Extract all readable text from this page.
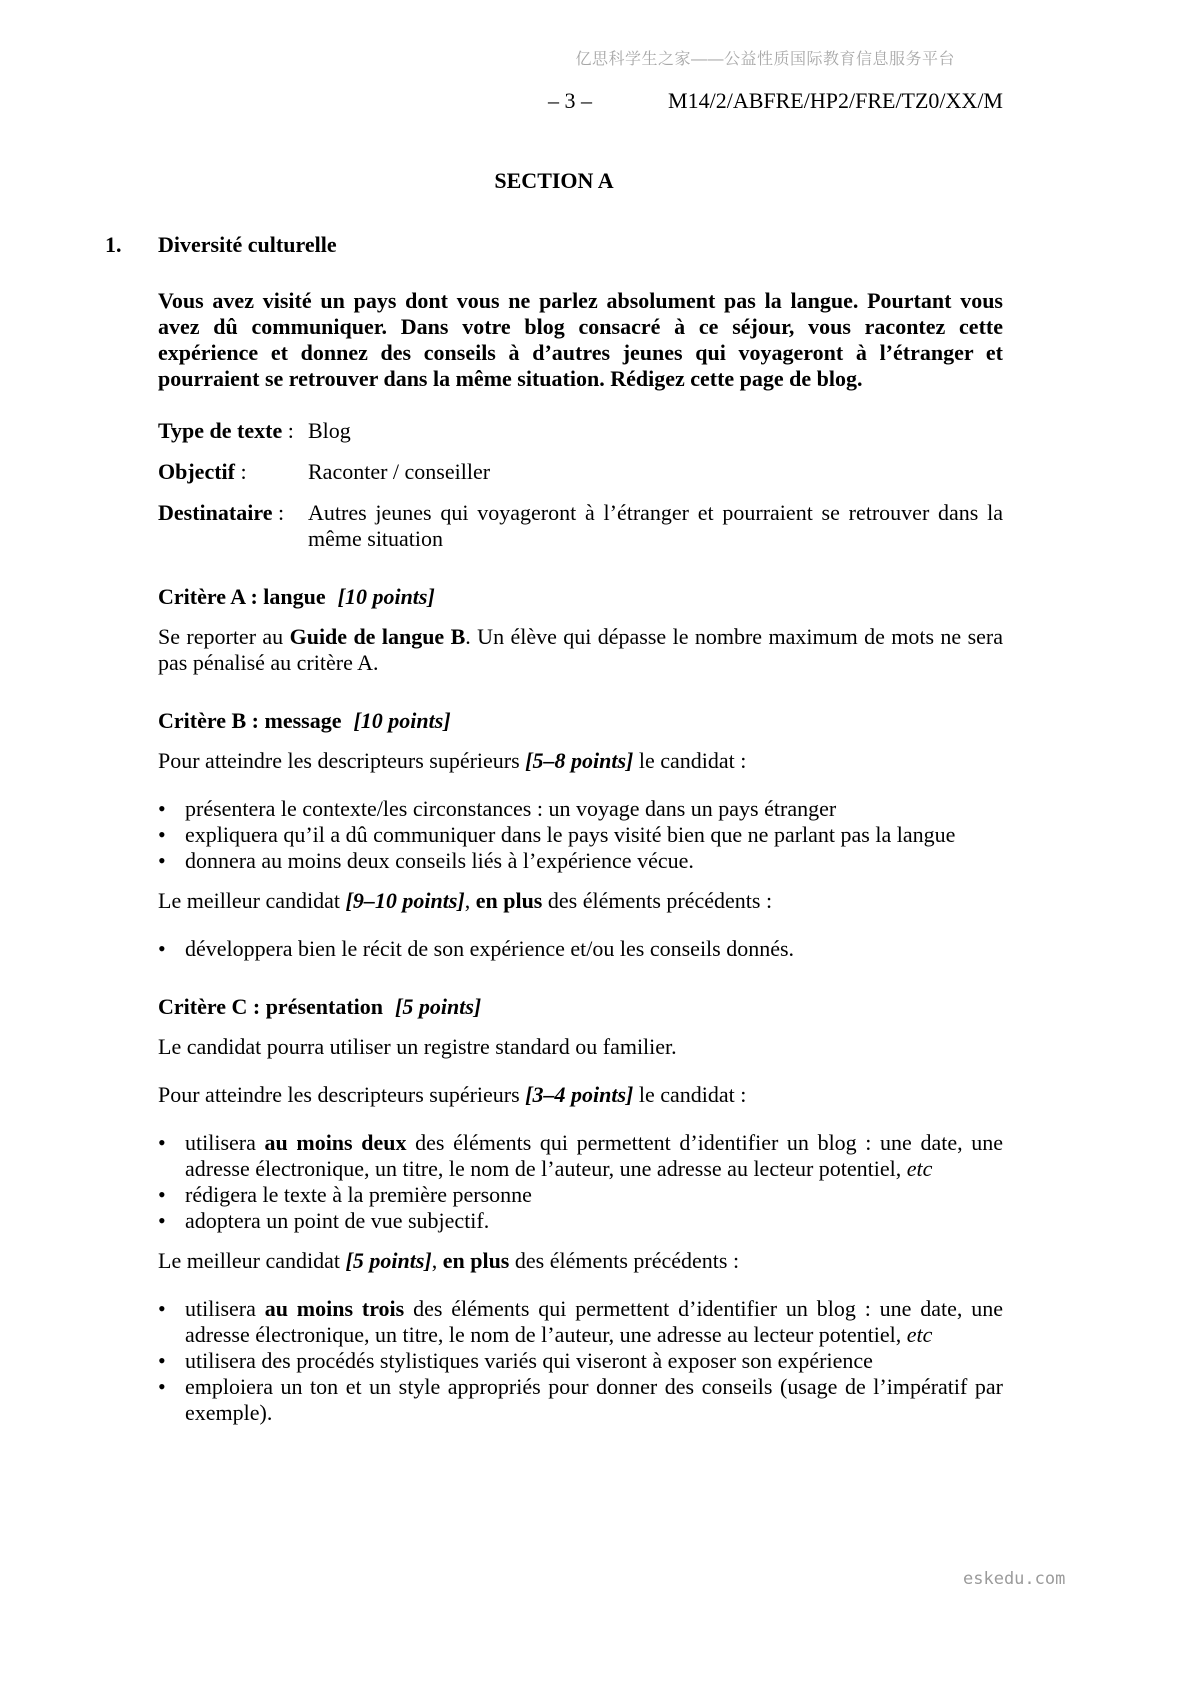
亿思科学生之家——公益性质国际教育信息服务平台
– 3 –	M14/2/ABFRE/HP2/FRE/TZ0/XX/M
SECTION A
1.	Diversité culturelle

Vous avez visité un pays dont vous ne parlez absolument pas la langue. Pourtant vous avez dû communiquer. Dans votre blog consacré à ce séjour, vous racontez cette expérience et donnez des conseils à d’autres jeunes qui voyageront à l’étranger et pourraient se retrouver dans la même situation. Rédigez cette page de blog.

Type de texte : Blog
Objectif :	Raconter / conseiller
Destinataire :	Autres jeunes qui voyageront à l’étranger et pourraient se retrouver dans la même situation
Critère A : langue [10 points]

Se reporter au Guide de langue B. Un élève qui dépasse le nombre maximum de mots ne sera pas pénalisé au critère A.

Critère B : message [10 points]

Pour atteindre les descripteurs supérieurs [5–8 points] le candidat :

• présentera le contexte/les circonstances : un voyage dans un pays étranger
• expliquera qu’il a dû communiquer dans le pays visité bien que ne parlant pas la langue
• donnera au moins deux conseils liés à l’expérience vécue.

Le meilleur candidat [9–10 points], en plus des éléments précédents :

• développera bien le récit de son expérience et/ou les conseils donnés.
Critère C : présentation [5 points]

Le candidat pourra utiliser un registre standard ou familier.

Pour atteindre les descripteurs supérieurs [3–4 points] le candidat :

• utilisera au moins deux des éléments qui permettent d’identifier un blog : une date, une adresse électronique, un titre, le nom de l’auteur, une adresse au lecteur potentiel, etc
• rédigera le texte à la première personne
• adoptera un point de vue subjectif.

Le meilleur candidat [5 points], en plus des éléments précédents :

• utilisera au moins trois des éléments qui permettent d’identifier un blog : une date, une adresse électronique, un titre, le nom de l’auteur, une adresse au lecteur potentiel, etc
• utilisera des procédés stylistiques variés qui viseront à exposer son expérience
• emploiera un ton et un style appropriés pour donner des conseils (usage de l’impératif par exemple).
eskedu.com
